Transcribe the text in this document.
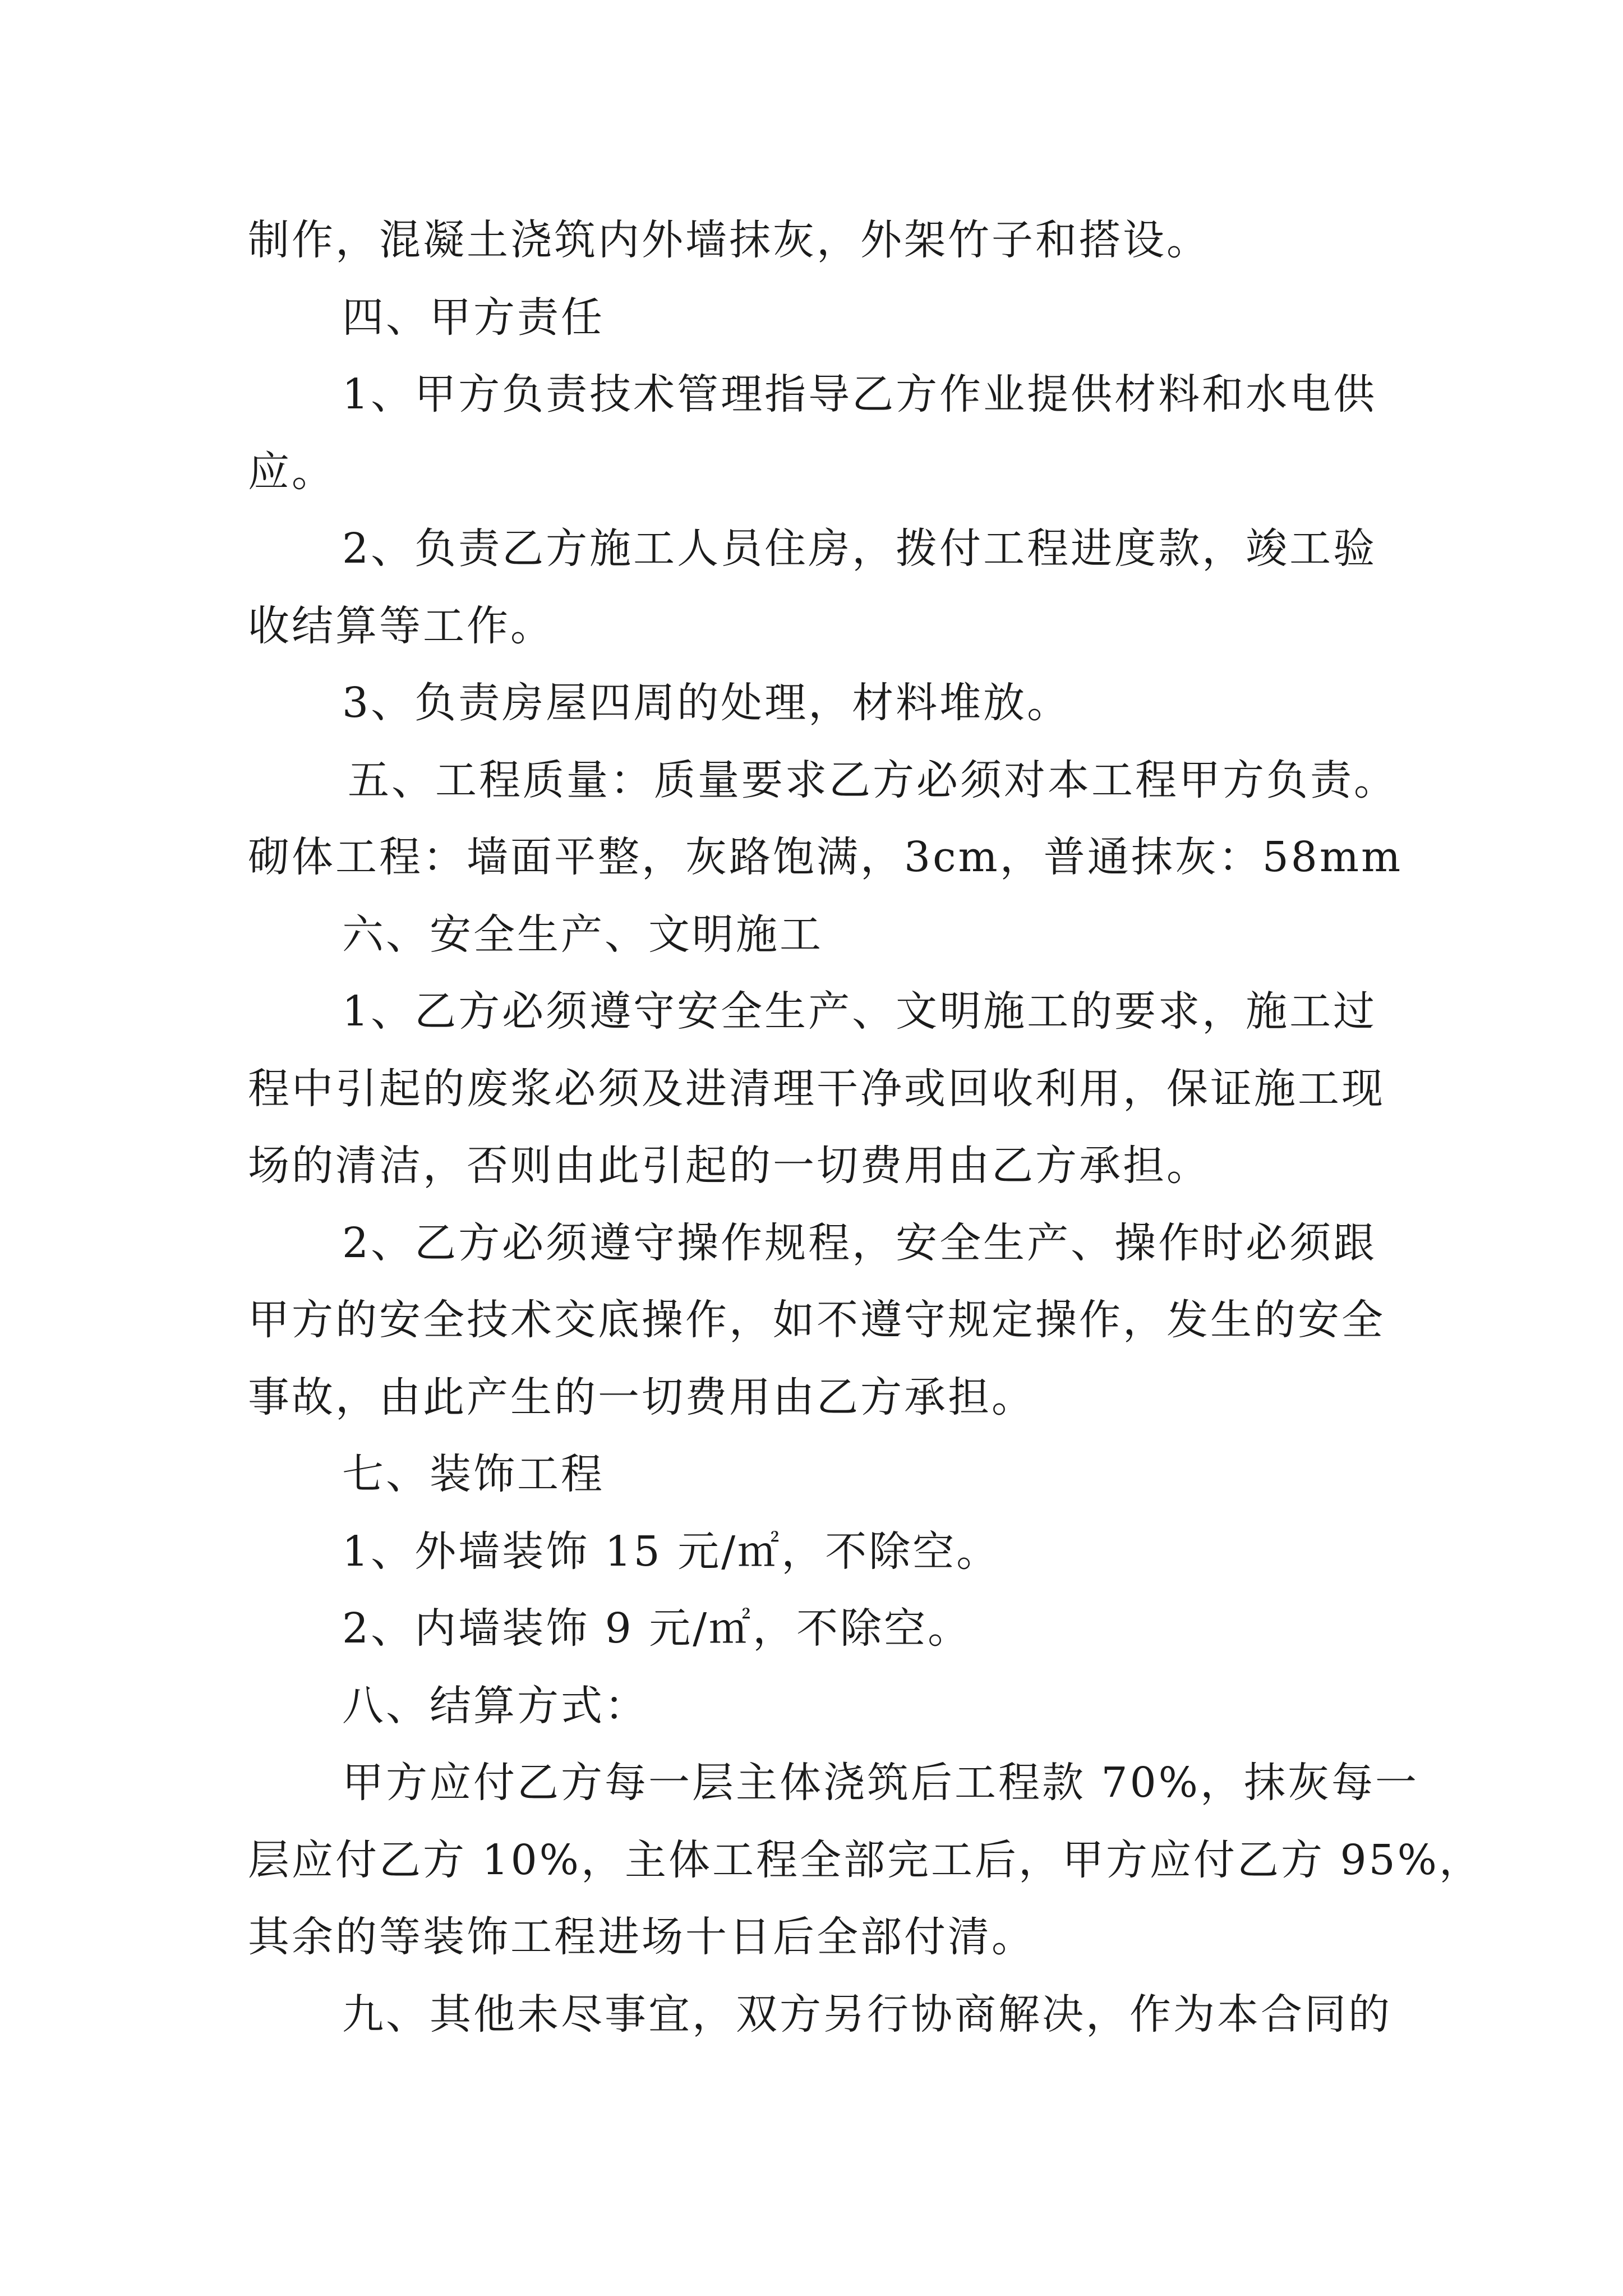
制作，混凝土浇筑内外墙抹灰，外架竹子和搭设。
四、甲方责任
1、甲方负责技术管理指导乙方作业提供材料和水电供
应。
2、负责乙方施工人员住房，拨付工程进度款，竣工验
收结算等工作。
3、负责房屋四周的处理，材料堆放。
五、工程质量：质量要求乙方必须对本工程甲方负责。
砌体工程：墙面平整，灰路饱满，3cm，普通抹灰：58mm
六、安全生产、文明施工
1、乙方必须遵守安全生产、文明施工的要求，施工过
程中引起的废浆必须及进清理干净或回收利用，保证施工现
场的清洁，否则由此引起的一切费用由乙方承担。
2、乙方必须遵守操作规程，安全生产、操作时必须跟
甲方的安全技术交底操作，如不遵守规定操作，发生的安全
事故，由此产生的一切费用由乙方承担。
七、装饰工程
1、外墙装饰 15 元/㎡，不除空。
2、内墙装饰 9 元/㎡，不除空。
八、结算方式：
甲方应付乙方每一层主体浇筑后工程款 70%，抹灰每一
层应付乙方 10%，主体工程全部完工后，甲方应付乙方 95%，
其余的等装饰工程进场十日后全部付清。
九、其他未尽事宜，双方另行协商解决，作为本合同的
